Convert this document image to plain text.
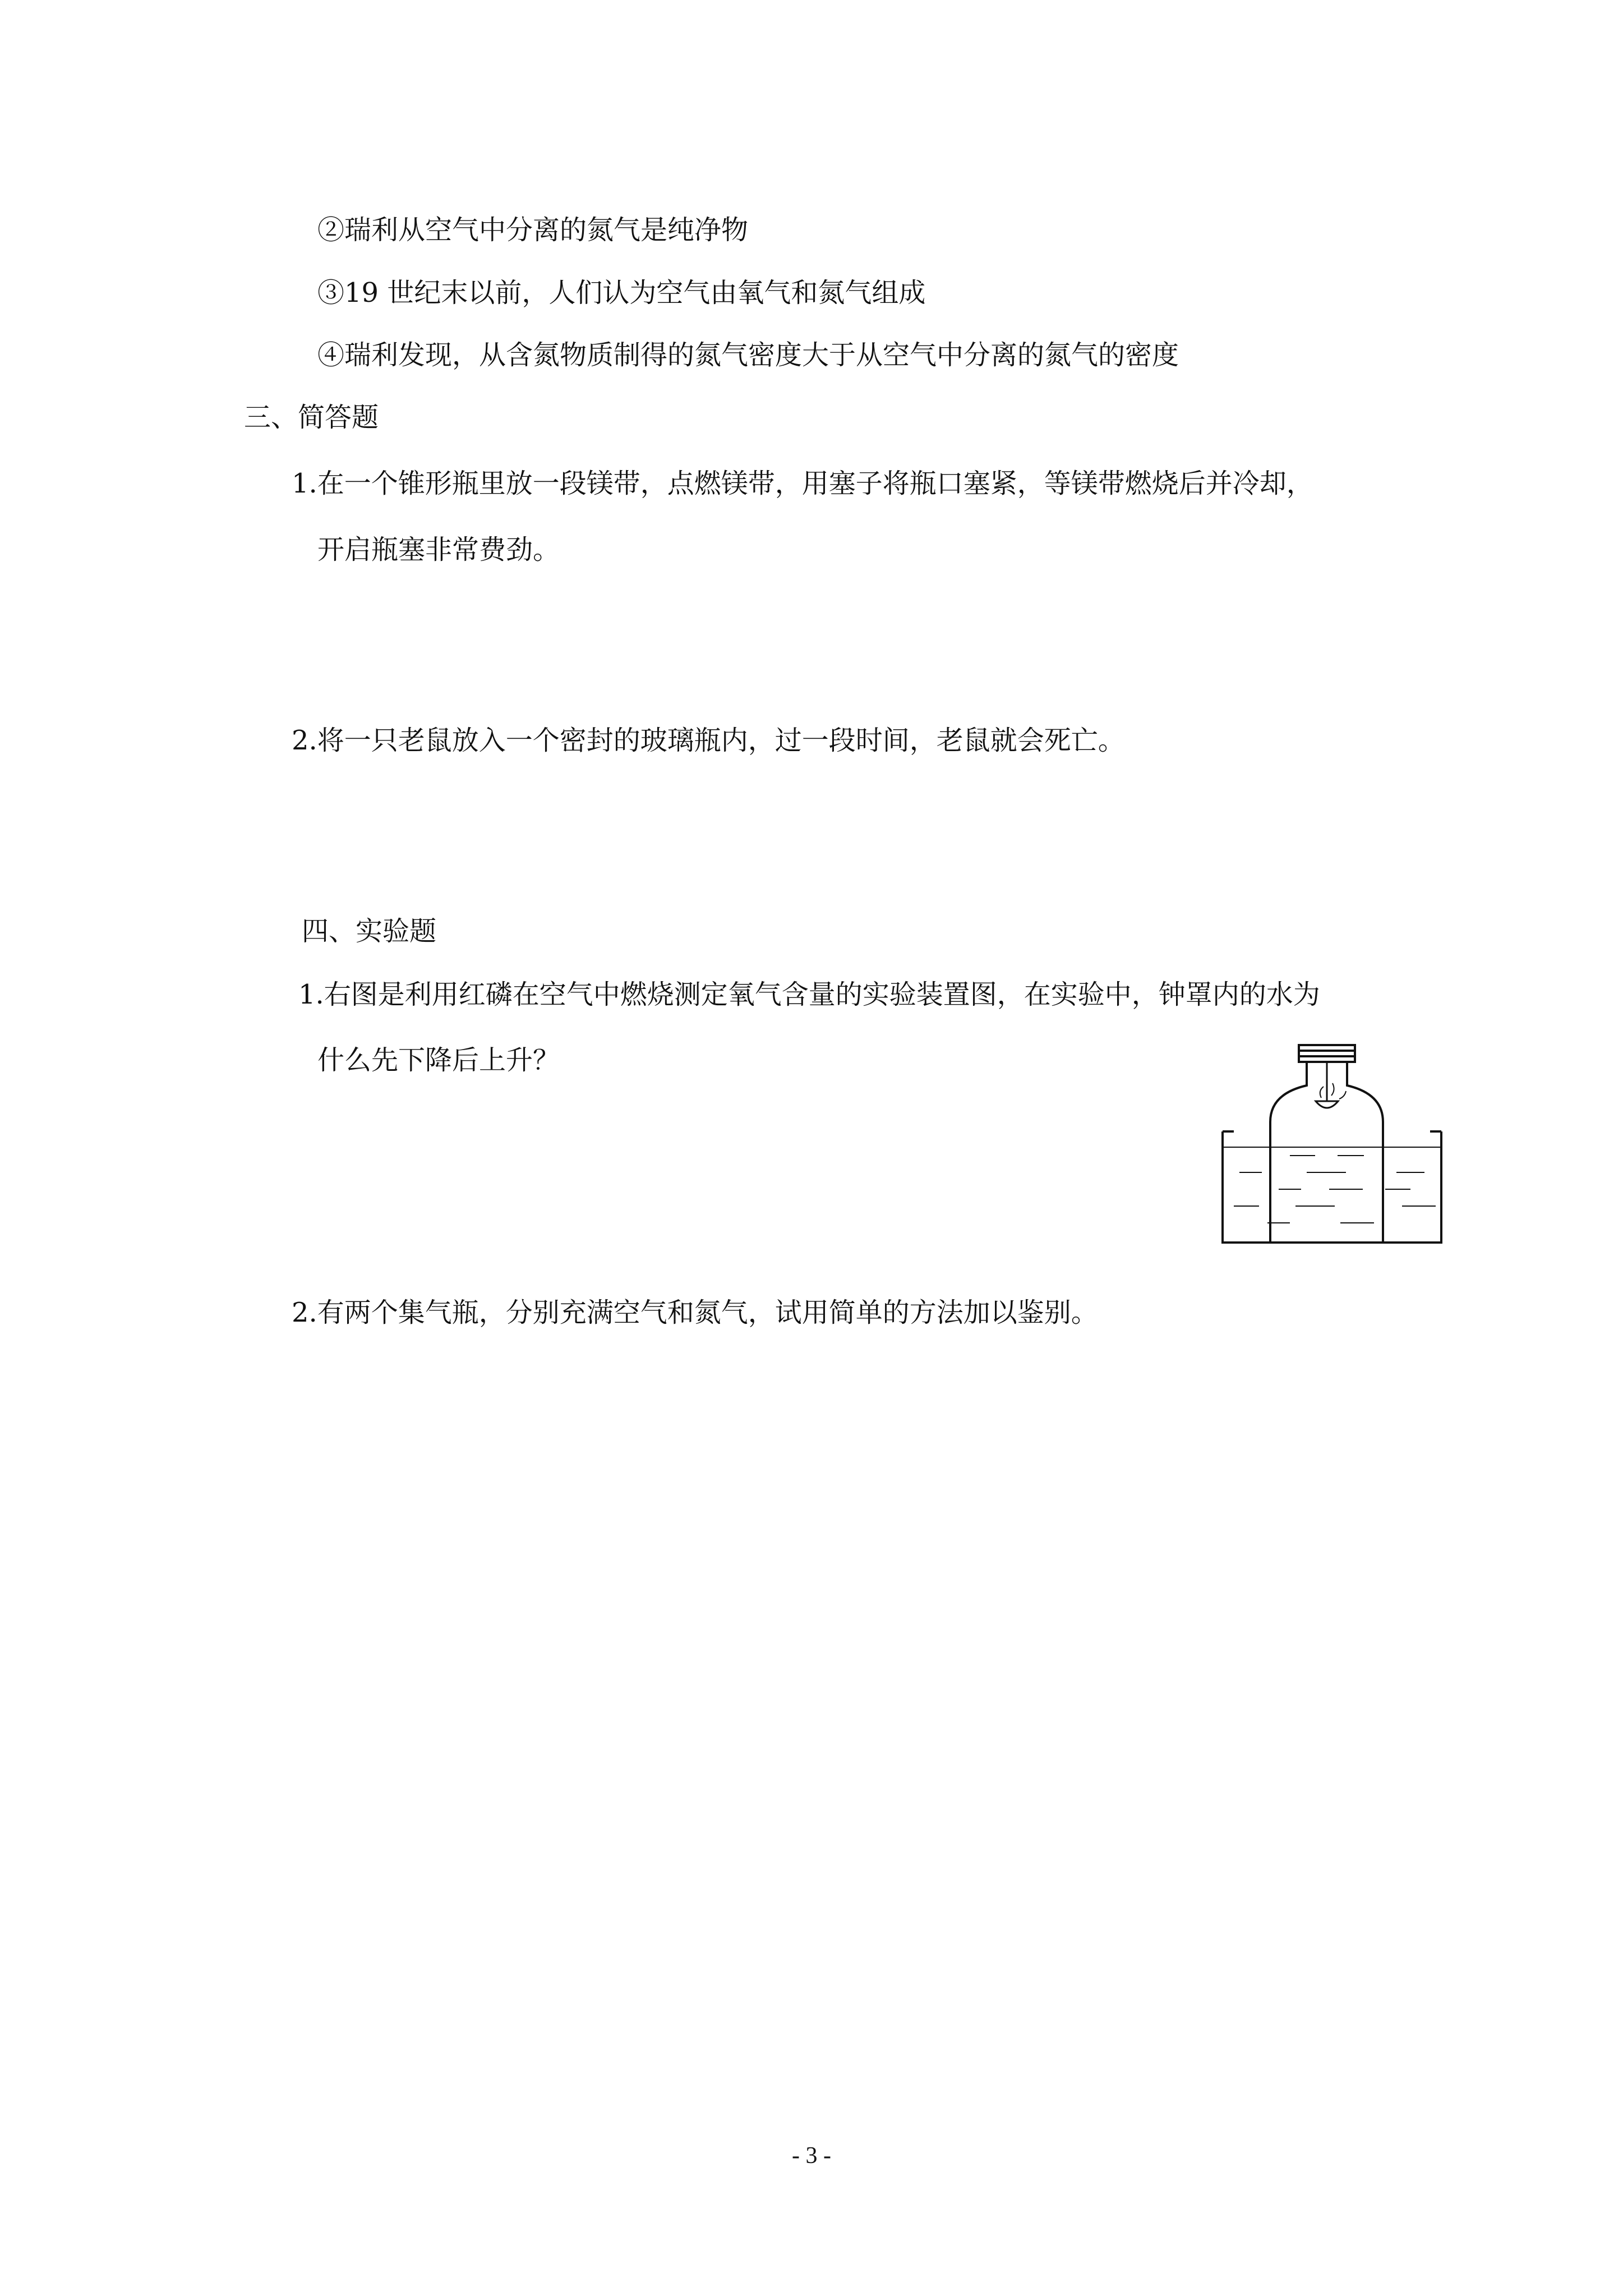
②瑞利从空气中分离的氮气是纯净物
③19 世纪末以前，人们认为空气由氧气和氮气组成
④瑞利发现，从含氮物质制得的氮气密度大于从空气中分离的氮气的密度
三、简答题
1.在一个锥形瓶里放一段镁带，点燃镁带，用塞子将瓶口塞紧，等镁带燃烧后并冷却，
开启瓶塞非常费劲。
2.将一只老鼠放入一个密封的玻璃瓶内，过一段时间，老鼠就会死亡。
四、实验题
1.右图是利用红磷在空气中燃烧测定氧气含量的实验装置图，在实验中，钟罩内的水为
什么先下降后上升？
2.有两个集气瓶，分别充满空气和氮气，试用简单的方法加以鉴别。
- 3 -
